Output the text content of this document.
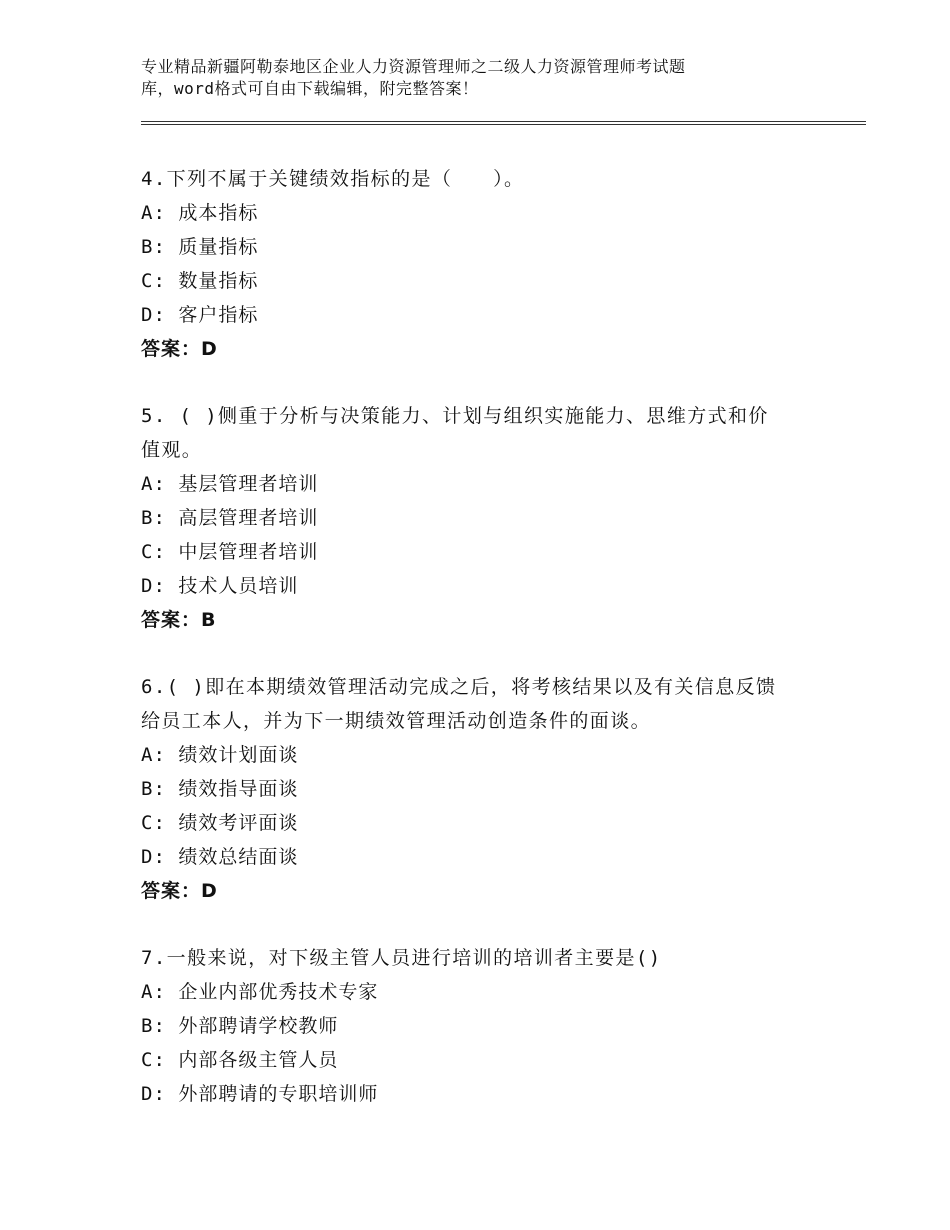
专业精品新疆阿勒泰地区企业人力资源管理师之二级人力资源管理师考试题
库，word格式可自由下载编辑，附完整答案！
4.下列不属于关键绩效指标的是（　　）。
A: 成本指标
B: 质量指标
C: 数量指标
D: 客户指标
答案：D
5. ( )侧重于分析与决策能力、计划与组织实施能力、思维方式和价
值观。
A: 基层管理者培训
B: 高层管理者培训
C: 中层管理者培训
D: 技术人员培训
答案：B
6.( )即在本期绩效管理活动完成之后，将考核结果以及有关信息反馈
给员工本人，并为下一期绩效管理活动创造条件的面谈。
A: 绩效计划面谈
B: 绩效指导面谈
C: 绩效考评面谈
D: 绩效总结面谈
答案：D
7.一般来说，对下级主管人员进行培训的培训者主要是()
A: 企业内部优秀技术专家
B: 外部聘请学校教师
C: 内部各级主管人员
D: 外部聘请的专职培训师
